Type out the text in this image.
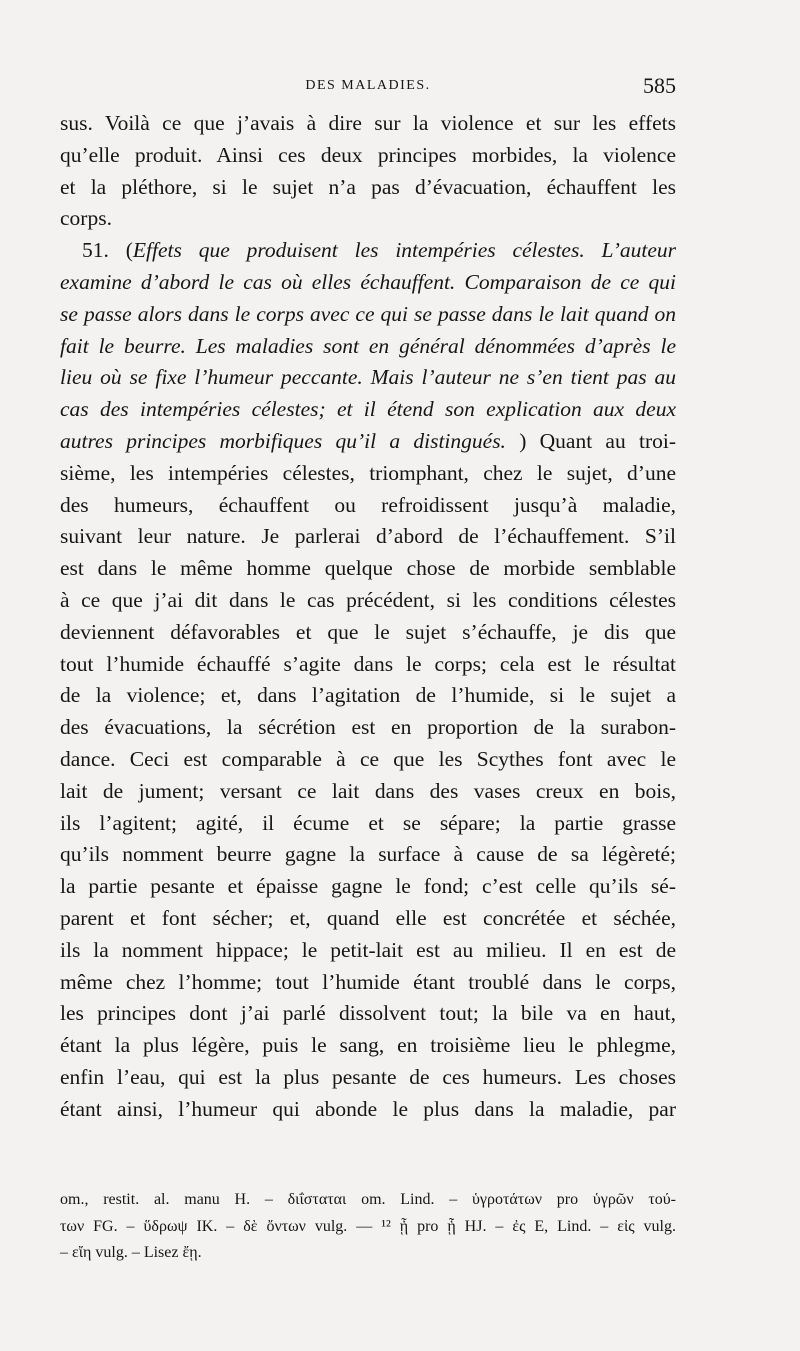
DES MALADIES.	585
sus. Voilà ce que j’avais à dire sur la violence et sur les effets
qu’elle produit. Ainsi ces deux principes morbides, la violence
et la pléthore, si le sujet n’a pas d’évacuation, échauffent les
corps.
51. (Effets que produisent les intempéries célestes. L’auteur
examine d’abord le cas où elles échauffent. Comparaison de ce qui
se passe alors dans le corps avec ce qui se passe dans le lait quand on
fait le beurre. Les maladies sont en général dénommées d’après le
lieu où se fixe l’humeur peccante. Mais l’auteur ne s’en tient pas au
cas des intempéries célestes; et il étend son explication aux deux
autres principes morbifiques qu’il a distingués. ) Quant au troi-
sième, les intempéries célestes, triomphant, chez le sujet, d’une
des humeurs, échauffent ou refroidissent jusqu’à maladie,
suivant leur nature. Je parlerai d’abord de l’échauffement. S’il
est dans le même homme quelque chose de morbide semblable
à ce que j’ai dit dans le cas précédent, si les conditions célestes
deviennent défavorables et que le sujet s’échauffe, je dis que
tout l’humide échauffé s’agite dans le corps; cela est le résultat
de la violence; et, dans l’agitation de l’humide, si le sujet a
des évacuations, la sécrétion est en proportion de la surabon-
dance. Ceci est comparable à ce que les Scythes font avec le
lait de jument; versant ce lait dans des vases creux en bois,
ils l’agitent; agité, il écume et se sépare; la partie grasse
qu’ils nomment beurre gagne la surface à cause de sa légèreté;
la partie pesante et épaisse gagne le fond; c’est celle qu’ils sé-
parent et font sécher; et, quand elle est concrétée et séchée,
ils la nomment hippace; le petit-lait est au milieu. Il en est de
même chez l’homme; tout l’humide étant troublé dans le corps,
les principes dont j’ai parlé dissolvent tout; la bile va en haut,
étant la plus légère, puis le sang, en troisième lieu le phlegme,
enfin l’eau, qui est la plus pesante de ces humeurs. Les choses
étant ainsi, l’humeur qui abonde le plus dans la maladie, par
om., restit. al. manu H. – διΐσταται om. Lind. – ὑγροτάτων pro ὑγρῶν τού-
των FG. – ὕδρωψ IK. – δὲ ὄντων vulg. — ¹² ᾖ pro ᾗ HJ. – ἐς E, Lind. – εἰς vulg.
– εἴη vulg. – Lisez ἔῃ.
